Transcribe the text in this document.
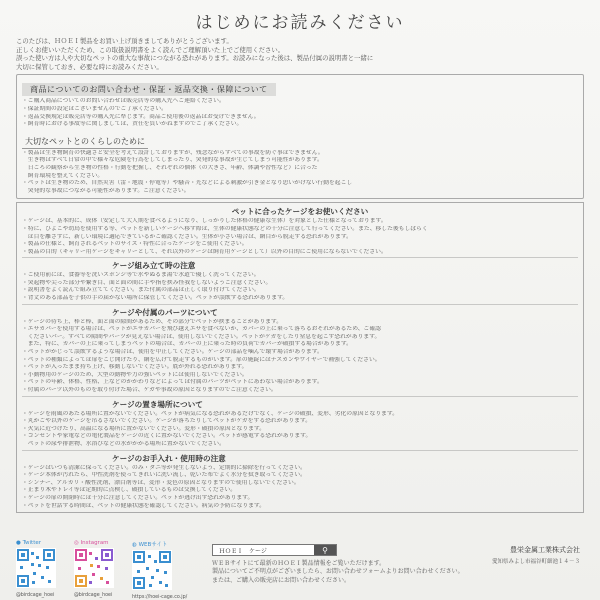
はじめにお読みください

このたびは、ＨＯＥＩ製品をお買い上げ頂きましてありがとうございます。

正しくお使いいただくため、この取扱説明書をよく読んでご理解頂いた上でご使用ください。

誤った使い方は人や大切なペットの重大な事故につながる恐れがあります。お読みになった後は、製品付属の説明書と一緒に

大切に保管しておき、必要な時にお読みください。

商品についてのお問い合わせ・保証・返品交換・保障について

・ご購入商品についてのお問い合わせは販売店等の購入先へご連絡ください。

・保証期間の設定はございませんのでご了承ください。

・返品交換規定は販売店等の購入先に準じます。商品ご使用後の返品はお受けできません。

・飼育時における事故等に関しましては、責任を負いかねますのでご了承ください。

大切なペットとのくらしのために

・製品は生き物飼育の快適さと安全を考えて設計しておりますが、残念ながらすべての事故を防ぐ事はできません。

　生き物はすべて日常の中で様々な危険を行為をしてしまったり、突発的な事故が生じてしまう可能性があります。

　日ごろの観察から生き物の性格・行動を把握し、それぞれの個体（の大きさ、年齢、体調や習性など）に合った

　飼育環境を整えてください。

・ペットは生き物のため、自然災害（雷・地震・停電等）や騒音・光などによる刺激が引き金となり思いがけない行動を起こし

　突発的な事故につながる可能性があります。ご注意ください。

ペットに合ったケージをお使いください

・ケージは、基本的に、成体（安定して大人期を食べるようになり、しっかりした体格の健康な生体）を対象とした仕様となっております。

・特に、ひよこや幼鳥を使用する等、ペットを新しいケージへ移す際は、生体の健康状態などの十分に注意して行ってください。また、移した後もしばらく

　は目を離さずに、新しい環境に適応できているかご確認ください。生体が小さい場合は、網目から脱走する恐れがあります。

・製品の仕様と、飼育されるペットのサイズ・特性に合ったケージをご使用ください。

・製品の目的（キャリー用ケージをキャリーとして、それ以外のケージは飼育用ケージとして）以外の目的にご使用にならないでください。

ケージ組み立て時の注意

・ご使用前には、食器等を洗いスポンジ等で水やぬるま湯で水道で優しく洗ってください。

・突起物や尖った部分や繋ぎ目、面と面の間に手や指を挟み怪我をしないようご注意ください。

・説明書をよく読んで組み立ててください。また付属の部品は正しく取り付けてください。

・背丈のある部品を子供の手の届かない場所に保管してください。ペットが誤飲する恐れがあります。

ケージや付属のパーツについて

・ケージの待ち上、棒と棒、面と面の隙間があるため、その部分でペットが挟まることがあります。

・エサカバーを使用する場合は、ペットがエサカバーを飛び越えエサを食べないか、カバーの上に乗って落ちるおそれがあるため、ご確認

　くださいバー。すべての隙間やパーツが見えない場合は、使用しないでください。ペットがケガをしたり窒息を起こす恐れがあります。

　また、特に、カバーの上に乗ってしまうペットの場合は、カバーの上に乗った時の負荷でカバーが破損する場合があります。

・ペットがかじって誤飲するような場合は、使用を中止してください。ケージの部品を噛んで壊す場合があります。

・ペットの種類によっては扉をこじ開けたり、網を広げて脱走するものがいます。扉の施錠にはナスカンやワイヤーで補強してください。

・ペットが入ったまま持ち上げ、移動しないでください。底が外れる恐れがあります。

・小動物用のケージのため、大型の動物や力の強いペットには使用しないでください。

・ペットの年齢、体格、性格、上などのかかわりなどによっては付属のパーツがペットにあわない場合があります。

・付属のパーツ以外のものを取り付けた場合、ケガや事故の原因となりますのでご注意ください。

ケージの置き場所について

・ケージを雨風のあたる場所に置かないでください。ペットが病気になる恐れがあるだけでなく、ケージの破損、変形、劣化の原因となります。

・丸かごや以外のケージを吊るさないでください。ケージが落ちたりしてペットがケガをする恐れがあります。

・火気に近づけたり、高温になる場所に置かないでください。変形・破損の原因となります。

・コンセントや家電などの電化製品をケージの近くに置かないでください。ペットが感電する恐れがあります。

　ペットの尿や排泄物、水浴びなどの水がかかる場所に置かないでください。

ケージのお手入れ・使用時の注意

・ケージはいつも清潔に保ってください。のみ・ダニ等が発生しないよう、定期的に掃除を行ってください。

・ケージ本体が汚れたら、中性洗剤を使ってきれいに洗い流し、乾いた布でよく水分を拭き取ってください。

・シンナー、アルカリ・酸性洗剤、漂白剤等は、変形・変色の原因となりますので使用しないでください。

・止まり木やトレイ等は定期的に点検し、破損しているものは交換してください。

・ケージの扉の開閉時には十分に注意してください。ペットが逃げ出す恐れがあります。

・ペットを世話する時間は、ペットの健康状態を確認してください。病気の予防になります。

● Twitter
@birdcage_hoei
◎ Instagram
@birdcage_hoei
◍ WEBサイト
https://hoei-cage.co.jp/
ＨＯＥＩ　ケージ	⚲

ＷＥＢサイトにて最新のＨＯＥＩ製品情報をご覧いただけます。

製品についてご不明点がございましたら、お問い合わせフォームよりお問い合わせください。

または、ご購入の販売店にお問い合わせください。

豊栄金属工業株式会社
愛知県みよし市福谷町細池１４－３
